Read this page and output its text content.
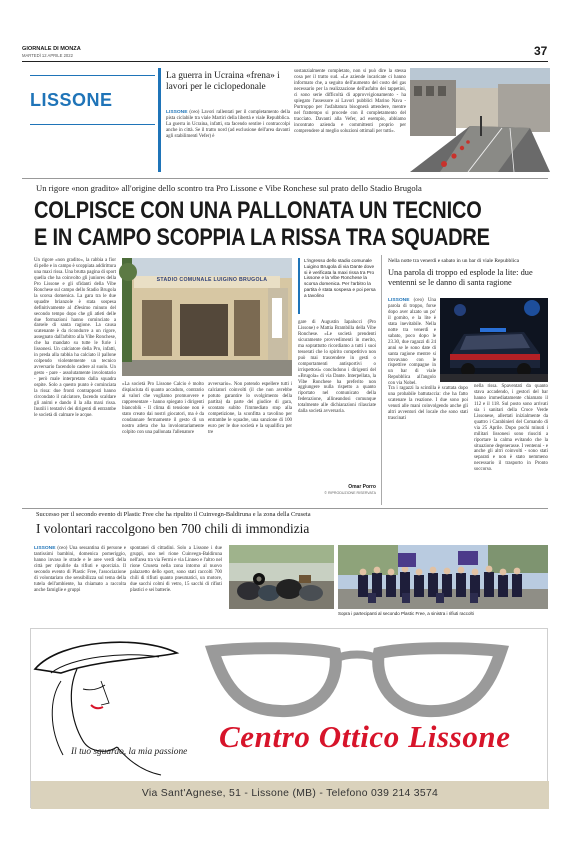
GIORNALE DI MONZA
MARTEDÌ 12 APRILE 2022	37
LISSONE
La guerra in Ucraina «frena» i lavori per le ciclopedonale
LISSONE (ceo) Lavori rallentati per il completamento della pista ciclabile tra viale Martiri della libertà e viale Repubblica. La guerra in Ucraina, infatti, sta facendo sentire i contraccolpi anche in città. Se il tratto nord (ad esclusione dell'area davanti agli stabilimenti Vefer) è
sostanzialmente completato, non si può dire la stessa cosa per il tratto sud. «Le aziende incaricate ci hanno informato che, a seguito dell'aumento del costo del gas necessario per la realizzazione dell'asfalto dei tappetini, ci sono serie difficoltà di approvvigionamento - ha spiegato l'assessore ai Lavori pubblici Marino Nava - Purtroppo per l'asfaltatura bisognerà attendere, mentre nel frattempo si procede con il completamento del tracciato. Davanti alla Vefer, ad esempio, abbiamo incontrato azienda e committenti proprio per comprendere al meglio soluzioni ottimali per tutti».
Un rigore «non gradito» all'origine dello scontro tra Pro Lissone e Vibe Ronchese sul prato dello Stadio Brugola
COLPISCE CON UNA PALLONATA UN TECNICO
E IN CAMPO SCOPPIA LA RISSA TRA SQUADRE
Un rigore «non gradito», la rabbia a fior di pelle e in campo è scoppiata addirittura una maxi rissa. Una brutta pagina di sport quella che ha coinvolto gli juniores della Pro Lissone e gli sfidanti della Vibe Ronchese sul campo dello Stadio Brugola la scorsa domenica. La gara tra le due squadre brianzole è stata sospesa definitivamente al 49esimo minuto del secondo tempo dopo che gli atleti delle due formazioni hanno cominciato a darsele di santa ragione. La causa scatenante è da ricondurre a un rigore, assegnato dall'arbitro alla Vibe Ronchese, che ha mandato su tutte le furie i lissonesi. Un calciatore della Pro, infatti, in preda alla rabbia ha calciato il pallone colpendo violentemente un tecnico avversario facendolo cadere al suolo. Un gesto - pare - assolutamente involontario - però male interpretato dalla squadra ospite. Solo a questo punto è cominciata la rissa: due fronti contrapposti hanno circondato il calciatore, facendo scaldare gli animi e dando il la alla maxi rissa. Inutili i tentativi dei dirigenti di entrambe le società di calmare le acque.
STADIO COMUNALE LUIGINO BRUGOLA
L'ingresso dello stadio comunale Luigino Brugola di via Dante dove si è verificata la maxi rissa tra Pro Lissone e la Vibe Ronchese la scorsa domenica. Per l'arbitro la partita è stata sospesa e poi persa a tavolino
«La società Pro Lissone Calcio è molto dispiaciuta di quanto accaduto, contrario ai valori che vogliamo promuovere e rappresentare - hanno spiegato i dirigenti biancoblù - Il clima di tensione non è stato creato dai nostri giocatori, ma è da condannare fermamente il gesto di un nostro atleta che ha involontariamente colpito con una pallonata l'allenatore
avversario». Non potendo espellere tutti i calciatori coinvolti (il che non avrebbe potuto garantire lo svolgimento della partita) da parte del giudice di gara, scontato subito l'immediato stop alla competizione, la sconfitta a tavolino per entrambe le squadre, una sanzione di 100 euro per le due società e la squalifica per tre
gare di Augustin Iapalucci (Pro Lissone) e Mattia Brambilla della Vibe Ronchese. «Le società prendenti sicuramente provvedimenti in merito, ma soprattutto ricordiamo a tutti i suoi tesserati che lo spirito competitivo non può mai trascendere in gesti o comportamenti antisportivi o irrispettosi» concludono i dirigenti del «Brugola» di via Dante. Interpellata, la Vibe Ronchese ha preferito non aggiungere nulla rispetto a quanto riportato nel comunicato della federazione, allineandosi comunque totalmente alle dichiarazioni rilasciate dalla società avversaria.
Omar Porro
© RIPRODUZIONE RISERVATA
Nella notte tra venerdì e sabato in un bar di viale Repubblica
Una parola di troppo ed esplode la lite: due ventenni se le danno di santa ragione
LISSONE (ceo) Una parola di troppo, forse dopo aver alzato un po' il gomito, e la lite è stata inevitabile. Nella notte tra venerdì e sabato, poco dopo le 23.30, due ragazzi di 24 anni se le sono date di santa ragione mentre si trovavano con le rispettive compagne in un bar di viale Repubblica all'angolo con via Nobel.
Tra i ragazzi la scintilla è scattata dopo una probabile battutaccia: che ha fatto scatenare la reazione. I due sono poi venuti alle mani coinvolgendo anche gli altri avventori del locale che sono stati trascinati
nella rissa. Spaventati da quanto stava accadendo, i gestori del bar hanno immediatamente chiamato il 112 e il 118. Sul posto sono arrivati sia i sanitari della Croce Verde Lissonese, allertati inizialmente da quattro i Carabinieri del Comando di via 25 Aprile. Dopo pochi minuti i militari lissonesi sono riusciti a riportare la calma evitando che la situazione degenerasse. I ventenni - e anche gli altri coinvolti - sono stati separati e non è stato nemmeno necessario il trasporto in Pronto soccorso.
Successo per il secondo evento di Plastic Free che ha ripulito il Cuinvegn-Baldiruna e la zona della Cruseta
I volontari raccolgono ben 700 chili di immondizia
LISSONE (ceo) Una sessantina di persone e tantissimi bambini, domenica pomeriggio, hanno invaso le strade e le aree verdi della città per ripulirle da rifiuti e sporcizia. Il secondo evento di Plastic Free, l'associazione di volontariato che sensibilizza sul tema della tutela dell'ambiente, ha chiamato a raccolta anche famiglie e gruppi
spontanei di cittadini. Solo a Lissone i due gruppi, uno nel rione Cuinvegn-Baldiruna nell'area tra via Fermi e via Linneo e l'altro nel rione Cruseta nella zona intorno al nuovo palazzetto dello sport, sono stati raccolti 700 chili di rifiuti quanto pneumatici, un motore, due sacchi colmi di vetro, 15 sacchi di rifiuti plastici e sei batterie.
Sopra i partecipanti al secondo Plastic Free, a sinistra i rifiuti raccolti
Il tuo sguardo, la mia passione Centro Ottico Lissone
Via Sant'Agnese, 51 - Lissone (MB) - Telefono 039 214 3574
